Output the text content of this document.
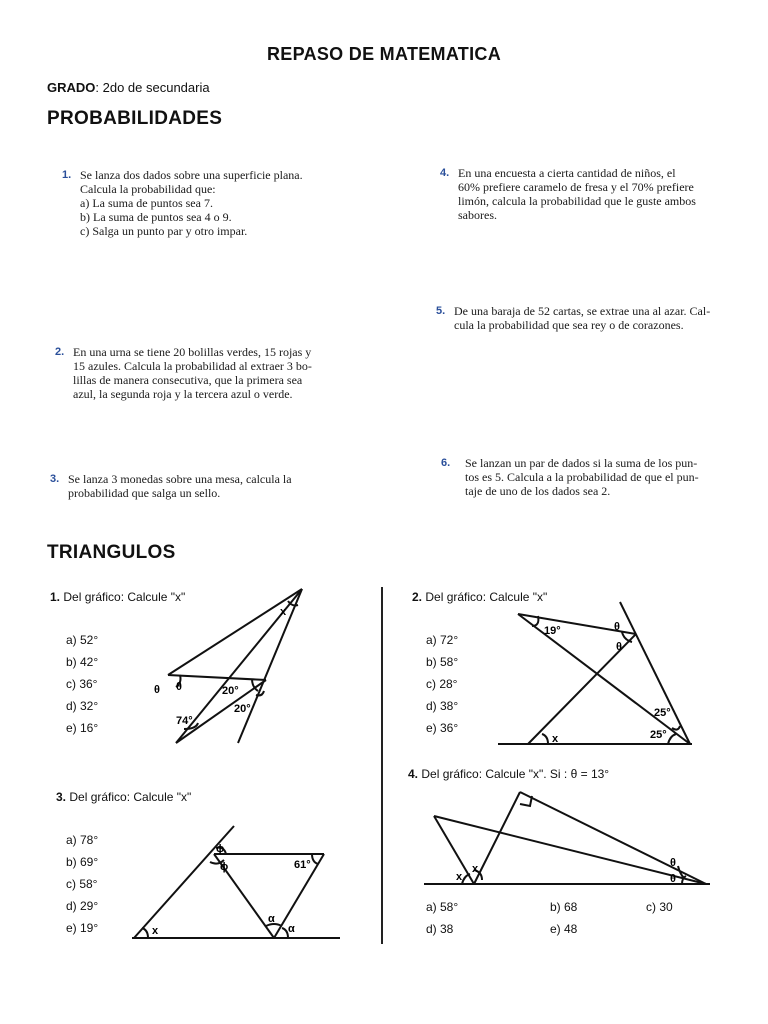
REPASO DE MATEMATICA
GRADO: 2do de secundaria
PROBABILIDADES
1. Se lanza dos dados sobre una superficie plana.
Calcula la probabilidad que:
a) La suma de puntos sea 7.
b) La suma de puntos sea 4 o 9.
c) Salga un punto par y otro impar.
2. En una urna se tiene 20 bolillas verdes, 15 rojas y
15 azules. Calcula la probabilidad al extraer 3 bo-
lillas de manera consecutiva, que la primera sea
azul, la segunda roja y la tercera azul o verde.
3. Se lanza 3 monedas sobre una mesa, calcula la
probabilidad que salga un sello.
4. En una encuesta a cierta cantidad de niños, el
60% prefiere caramelo de fresa y el 70% prefiere
limón, calcula la probabilidad que le guste ambos
sabores.
5. De una baraja de 52 cartas, se extrae una al azar. Cal-
cula la probabilidad que sea rey o de corazones.
6. Se lanzan un par de dados si la suma de los pun-
tos es 5. Calcula a la probabilidad de que el pun-
taje de uno de los dados sea 2.
TRIANGULOS
1. Del gráfico: Calcule "x"
a) 52°
b) 42°
c) 36°
d) 32°
e) 16°
x
θ θ	20°
20°
74°
2. Del gráfico: Calcule "x"
a) 72°
b) 58°
c) 28°
d) 38°
e) 36°
19°	θ
θ
25°
25°
x
3. Del gráfico: Calcule "x"
a) 78°
b) 69°
c) 58°
d) 29°
e) 19°
ϕ
ϕ	61°
α
α
x
4. Del gráfico: Calcule "x". Si : θ = 13°
x
x	θ
θ
a) 58°	b) 68	c) 30
d) 38	e) 48
